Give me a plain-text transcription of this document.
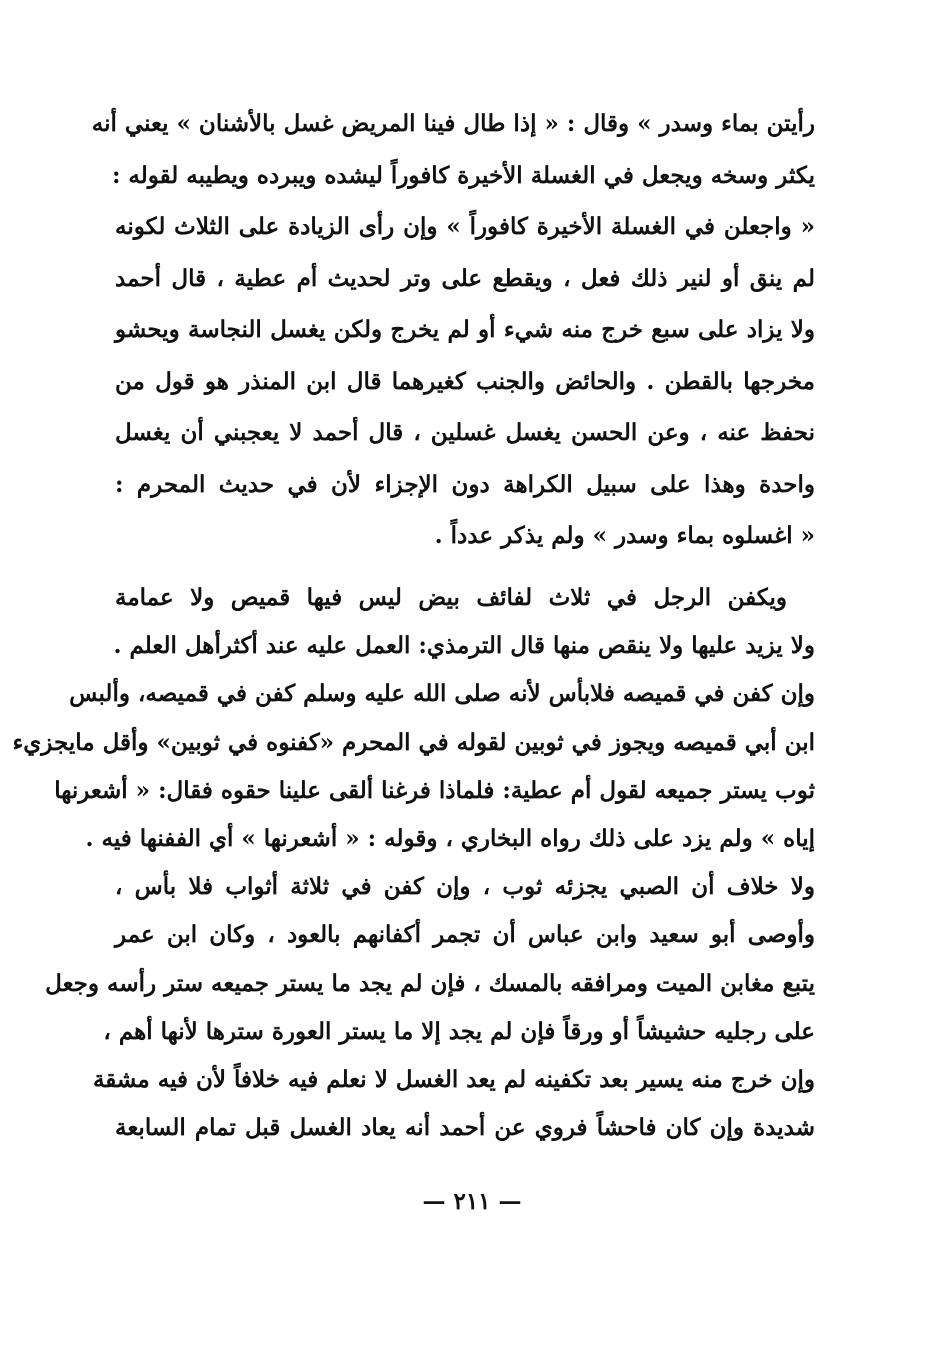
رأيتن بماء وسدر » وقال : « إذا طال فينا المريض غسل بالأشنان » يعني أنه
يكثر وسخه ويجعل في الغسلة الأخيرة كافوراً ليشده ويبرده ويطيبه لقوله :
« واجعلن في الغسلة الأخيرة كافوراً » وإن رأى الزيادة على الثلاث لكونه
لم ينق أو لنير ذلك فعل ، ويقطع على وتر لحديث أم عطية ، قال أحمد
ولا يزاد على سبع خرج منه شيء أو لم يخرج ولكن يغسل النجاسة ويحشو
مخرجها بالقطن . والحائض والجنب كغيرهما قال ابن المنذر هو قول من
نحفظ عنه ، وعن الحسن يغسل غسلين ، قال أحمد لا يعجبني أن يغسل
واحدة وهذا على سبيل الكراهة دون الإجزاء لأن في حديث المحرم :
« اغسلوه بماء وسدر » ولم يذكر عدداً .
ويكفن الرجل في ثلاث لفائف بيض ليس فيها قميص ولا عمامة
ولا يزيد عليها ولا ينقص منها قال الترمذي: العمل عليه عند أكثرأهل العلم .
وإن كفن في قميصه فلابأس لأنه صلى الله عليه وسلم كفن في قميصه، وألبس
ابن أبي قميصه ويجوز في ثوبين لقوله في المحرم «كفنوه في ثوبين» وأقل مايجزيء
ثوب يستر جميعه لقول أم عطية: فلماذا فرغنا ألقى علينا حقوه فقال: « أشعرنها
إياه » ولم يزد على ذلك رواه البخاري ، وقوله : « أشعرنها » أي الففنها فيه .
ولا خلاف أن الصبي يجزئه ثوب ، وإن كفن في ثلاثة أثواب فلا بأس ،
وأوصى أبو سعيد وابن عباس أن تجمر أكفانهم بالعود ، وكان ابن عمر
يتبع مغابن الميت ومرافقه بالمسك ، فإن لم يجد ما يستر جميعه ستر رأسه وجعل
على رجليه حشيشاً أو ورقاً فإن لم يجد إلا ما يستر العورة سترها لأنها أهم ،
وإن خرج منه يسير بعد تكفينه لم يعد الغسل لا نعلم فيه خلافاً لأن فيه مشقة
شديدة وإن كان فاحشاً فروي عن أحمد أنه يعاد الغسل قبل تمام السابعة
— ٢١١ —
